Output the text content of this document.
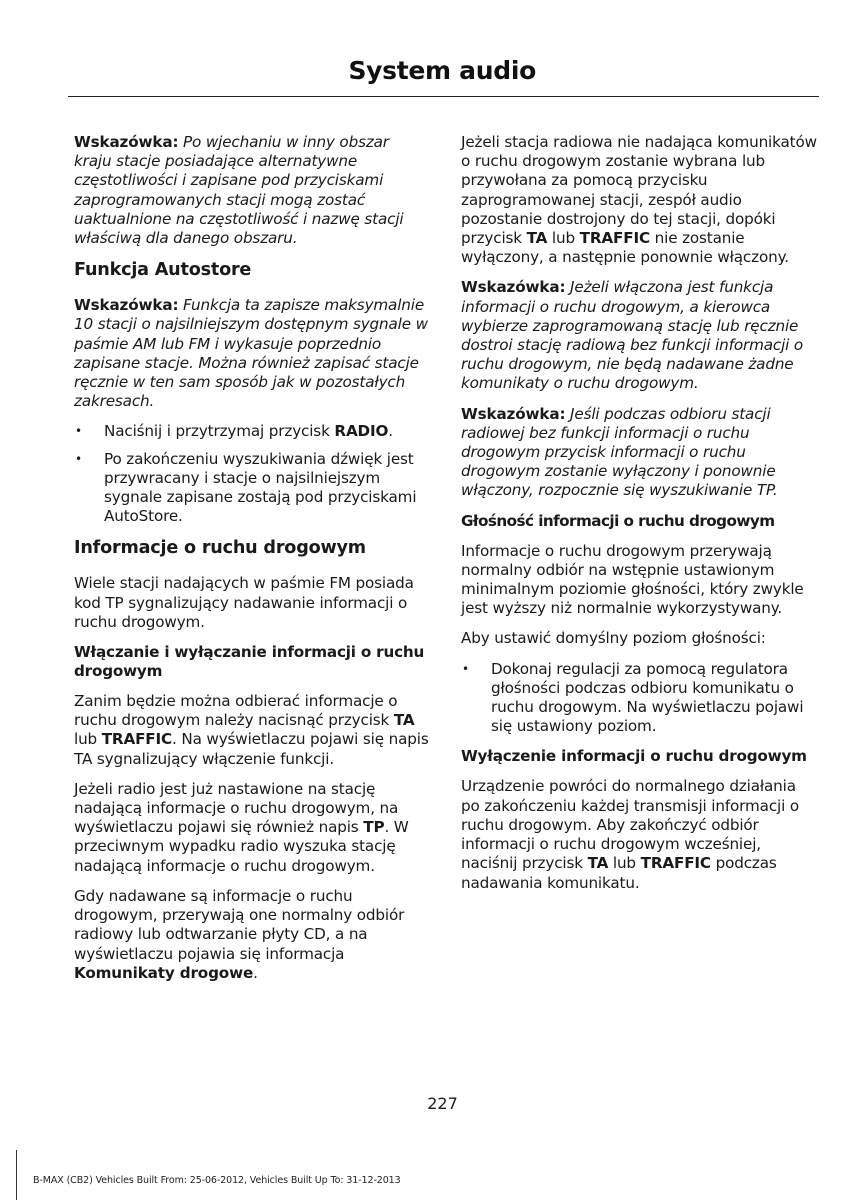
System audio

Wskazówka: Po wjechaniu w inny obszar kraju stacje posiadające alternatywne częstotliwości i zapisane pod przyciskami zaprogramowanych stacji mogą zostać uaktualnione na częstotliwość i nazwę stacji właściwą dla danego obszaru.

Funkcja Autostore

Wskazówka: Funkcja ta zapisze maksymalnie 10 stacji o najsilniejszym dostępnym sygnale w paśmie AM lub FM i wykasuje poprzednio zapisane stacje. Można również zapisać stacje ręcznie w ten sam sposób jak w pozostałych zakresach.

• Naciśnij i przytrzymaj przycisk RADIO.
• Po zakończeniu wyszukiwania dźwięk jest przywracany i stacje o najsilniejszym sygnale zapisane zostają pod przyciskami AutoStore.
Informacje o ruchu drogowym

Wiele stacji nadających w paśmie FM posiada kod TP sygnalizujący nadawanie informacji o ruchu drogowym.

Włączanie i wyłączanie informacji o ruchu drogowym

Zanim będzie można odbierać informacje o ruchu drogowym należy nacisnąć przycisk TA lub TRAFFIC. Na wyświetlaczu pojawi się napis TA sygnalizujący włączenie funkcji.

Jeżeli radio jest już nastawione na stację nadającą informacje o ruchu drogowym, na wyświetlaczu pojawi się również napis TP. W przeciwnym wypadku radio wyszuka stację nadającą informacje o ruchu drogowym.

Gdy nadawane są informacje o ruchu drogowym, przerywają one normalny odbiór radiowy lub odtwarzanie płyty CD, a na wyświetlaczu pojawia się informacja Komunikaty drogowe.

Jeżeli stacja radiowa nie nadająca komunikatów o ruchu drogowym zostanie wybrana lub przywołana za pomocą przycisku zaprogramowanej stacji, zespół audio pozostanie dostrojony do tej stacji, dopóki przycisk TA lub TRAFFIC nie zostanie wyłączony, a następnie ponownie włączony.

Wskazówka: Jeżeli włączona jest funkcja informacji o ruchu drogowym, a kierowca wybierze zaprogramowaną stację lub ręcznie dostroi stację radiową bez funkcji informacji o ruchu drogowym, nie będą nadawane żadne komunikaty o ruchu drogowym.

Wskazówka: Jeśli podczas odbioru stacji radiowej bez funkcji informacji o ruchu drogowym przycisk informacji o ruchu drogowym zostanie wyłączony i ponownie włączony, rozpocznie się wyszukiwanie TP.

Głośność informacji o ruchu drogowym

Informacje o ruchu drogowym przerywają normalny odbiór na wstępnie ustawionym minimalnym poziomie głośności, który zwykle jest wyższy niż normalnie wykorzystywany.

Aby ustawić domyślny poziom głośności:

• Dokonaj regulacji za pomocą regulatora głośności podczas odbioru komunikatu o ruchu drogowym. Na wyświetlaczu pojawi się ustawiony poziom.
Wyłączenie informacji o ruchu drogowym

Urządzenie powróci do normalnego działania po zakończeniu każdej transmisji informacji o ruchu drogowym. Aby zakończyć odbiór informacji o ruchu drogowym wcześniej, naciśnij przycisk TA lub TRAFFIC podczas nadawania komunikatu.

227
B-MAX (CB2) Vehicles Built From: 25-06-2012, Vehicles Built Up To: 31-12-2013
